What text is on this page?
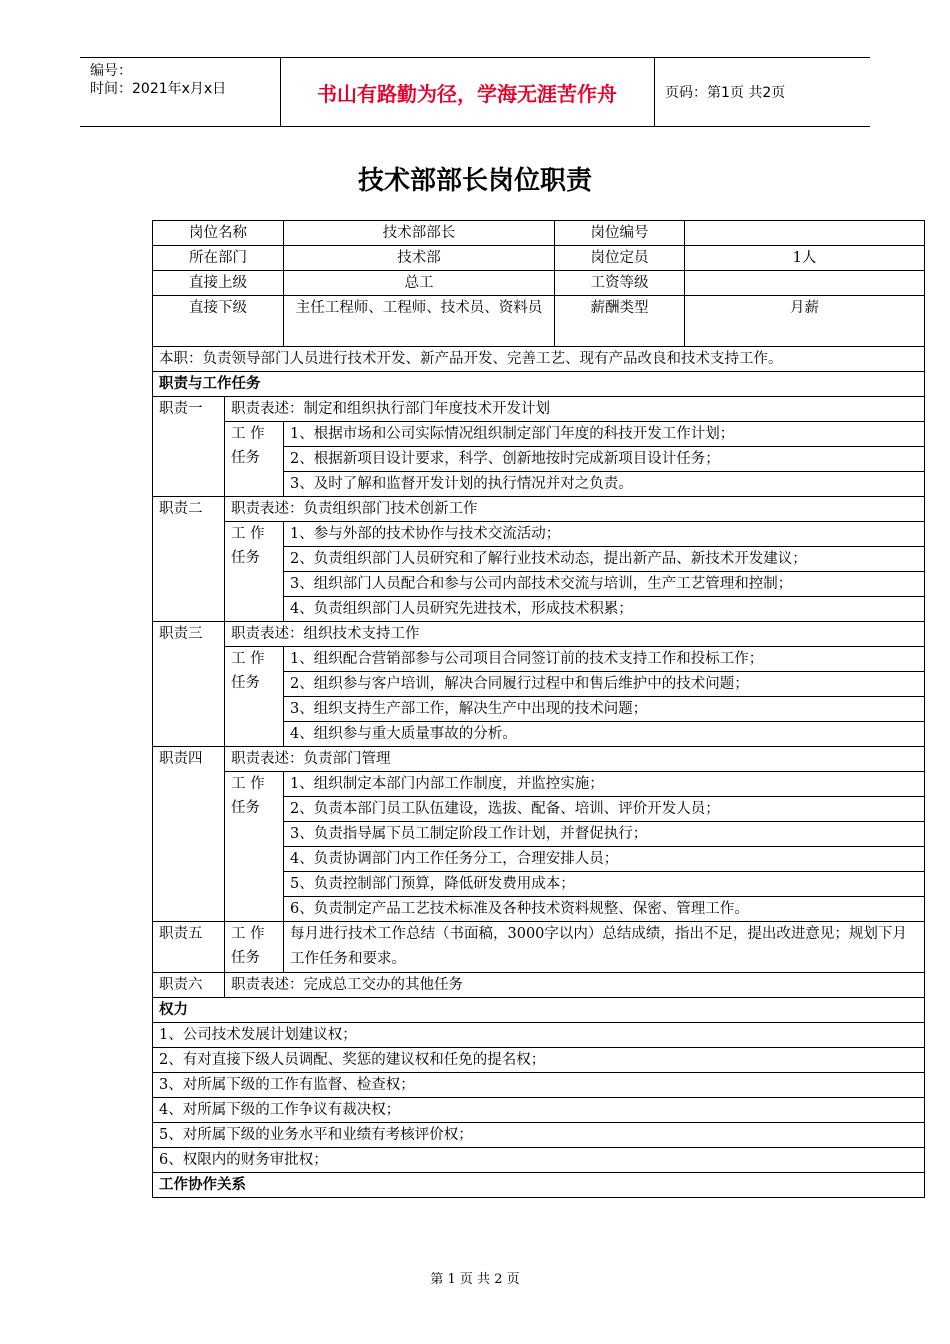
编号：
时间：2021年x月x日	书山有路勤为径，学海无涯苦作舟	页码：第1页 共2页
技术部部长岗位职责
岗位名称		技术部部长	岗位编号	
所在部门		技术部	岗位定员	1人
直接上级		总工	工资等级	
直接下级		主任工程师、工程师、技术员、资料员	薪酬类型	月薪
本职：负责领导部门人员进行技术开发、新产品开发、完善工艺、现有产品改良和技术支持工作。				
职责与工作任务				
职责一	职责表述：制定和组织执行部门年度技术开发计划			
	工 作 任务	1、根据市场和公司实际情况组织制定部门年度的科技开发工作计划；		
		2、根据新项目设计要求，科学、创新地按时完成新项目设计任务；		
		3、及时了解和监督开发计划的执行情况并对之负责。		
职责二	职责表述：负责组织部门技术创新工作			
	工 作 任务	1、参与外部的技术协作与技术交流活动；		
		2、负责组织部门人员研究和了解行业技术动态，提出新产品、新技术开发建议；		
		3、组织部门人员配合和参与公司内部技术交流与培训，生产工艺管理和控制；		
		4、负责组织部门人员研究先进技术，形成技术积累；		
职责三	职责表述：组织技术支持工作			
	工 作 任务	1、组织配合营销部参与公司项目合同签订前的技术支持工作和投标工作；		
		2、组织参与客户培训，解决合同履行过程中和售后维护中的技术问题；		
		3、组织支持生产部工作，解决生产中出现的技术问题；		
		4、组织参与重大质量事故的分析。		
职责四	职责表述：负责部门管理			
	工 作 任务	1、组织制定本部门内部工作制度，并监控实施；		
		2、负责本部门员工队伍建设，选拔、配备、培训、评价开发人员；		
		3、负责指导属下员工制定阶段工作计划，并督促执行；		
		4、负责协调部门内工作任务分工，合理安排人员；		
		5、负责控制部门预算，降低研发费用成本；		
		6、负责制定产品工艺技术标准及各种技术资料规整、保密、管理工作。		
职责五	工 作 任务	每月进行技术工作总结（书面稿，3000字以内）总结成绩，指出不足，提出改进意见；规划下月工作任务和要求。		
职责六	职责表述：完成总工交办的其他任务			
权力				
1、公司技术发展计划建议权；				
2、有对直接下级人员调配、奖惩的建议权和任免的提名权；				
3、对所属下级的工作有监督、检查权；				
4、对所属下级的工作争议有裁决权；				
5、对所属下级的业务水平和业绩有考核评价权；				
6、权限内的财务审批权；				
工作协作关系				
第 1 页 共 2 页
